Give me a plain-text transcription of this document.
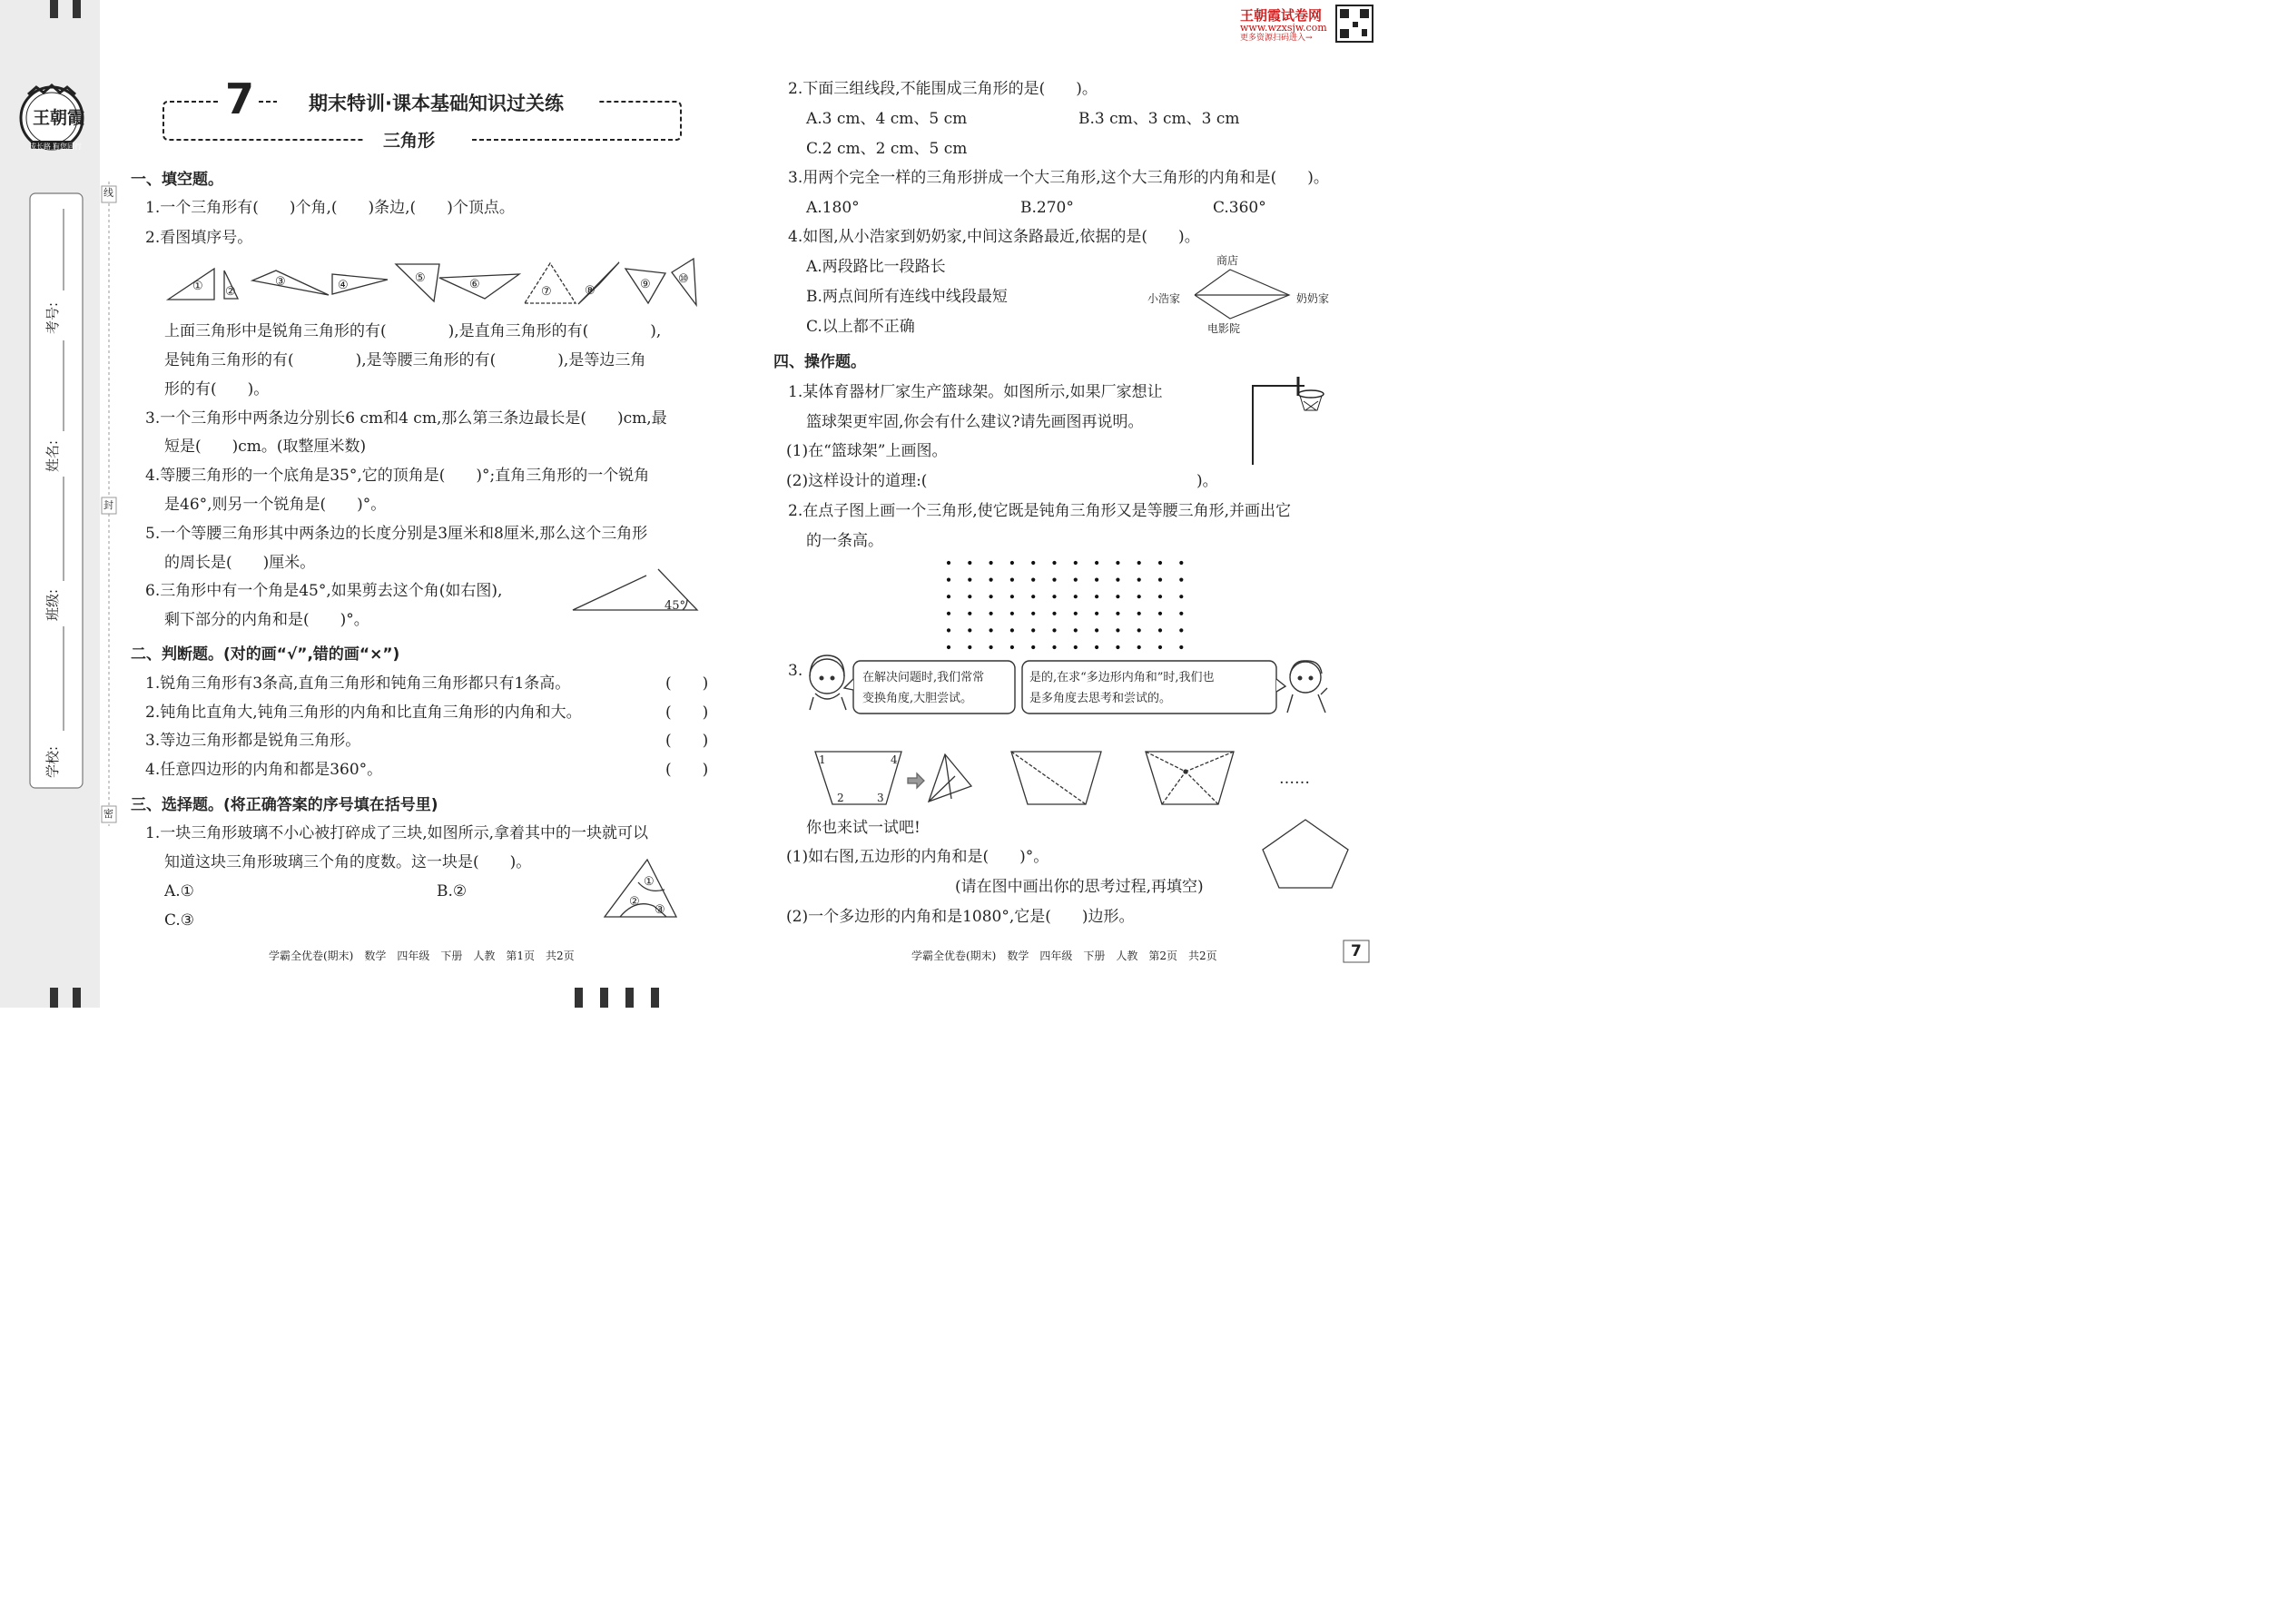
王朝霞
成长路上
有您同行
王朝霞试卷网
www.wzxsjw.com
更多资源扫码进入→
学校:
班级:
姓名:
考号:
线
封
密
7	期末特训·课本基础知识过关练
三角形
一、填空题。
1.一个三角形有(　　)个角,(　　)条边,(　　)个顶点。
2.看图填序号。
① ②
③	④
⑤	⑥
⑦	⑧	⑨ ⑩
上面三角形中是锐角三角形的有(　　　　),是直角三角形的有(　　　　),
是钝角三角形的有(　　　　),是等腰三角形的有(　　　　),是等边三角
形的有(　　)。
3.一个三角形中两条边分别长6 cm和4 cm,那么第三条边最长是(　　)cm,最
短是(　　)cm。(取整厘米数)
4.等腰三角形的一个底角是35°,它的顶角是(　　)°;直角三角形的一个锐角
是46°,则另一个锐角是(　　)°。
5.一个等腰三角形其中两条边的长度分别是3厘米和8厘米,那么这个三角形
的周长是(　　)厘米。
6.三角形中有一个角是45°,如果剪去这个角(如右图),
剩下部分的内角和是(　　)°。
45°
二、判断题。(对的画“√”,错的画“×”)
1.锐角三角形有3条高,直角三角形和钝角三角形都只有1条高。	(　　)
2.钝角比直角大,钝角三角形的内角和比直角三角形的内角和大。	(　　)
3.等边三角形都是锐角三角形。	(　　)
4.任意四边形的内角和都是360°。	(　　)
三、选择题。(将正确答案的序号填在括号里)
1.一块三角形玻璃不小心被打碎成了三块,如图所示,拿着其中的一块就可以
知道这块三角形玻璃三个角的度数。这一块是(　　)。
A.①	B.②
C.③
①
②
③
2.下面三组线段,不能围成三角形的是(　　)。
A.3 cm、4 cm、5 cm	B.3 cm、3 cm、3 cm
C.2 cm、2 cm、5 cm
3.用两个完全一样的三角形拼成一个大三角形,这个大三角形的内角和是(　　)。
A.180°	B.270°	C.360°
4.如图,从小浩家到奶奶家,中间这条路最近,依据的是(　　)。
A.两段路比一段路长
B.两点间所有连线中线段最短
C.以上都不正确
商店
小浩家	奶奶家
电影院
四、操作题。
1.某体育器材厂家生产篮球架。如图所示,如果厂家想让
篮球架更牢固,你会有什么建议?请先画图再说明。
(1)在“篮球架”上画图。
(2)这样设计的道理:(	)。
2.在点子图上画一个三角形,使它既是钝角三角形又是等腰三角形,并画出它
的一条高。
3.	在解决问题时,我们常常
变换角度,大胆尝试。
是的,在求“多边形内角和”时,我们也
是多角度去思考和尝试的。
1	4
2	3
……
你也来试一试吧!
(1)如右图,五边形的内角和是(　　)°。
(请在图中画出你的思考过程,再填空)
(2)一个多边形的内角和是1080°,它是(　　)边形。
学霸全优卷(期末)　数学　四年级　下册　人教　第1页　共2页	学霸全优卷(期末)　数学　四年级　下册　人教　第2页　共2页	7
